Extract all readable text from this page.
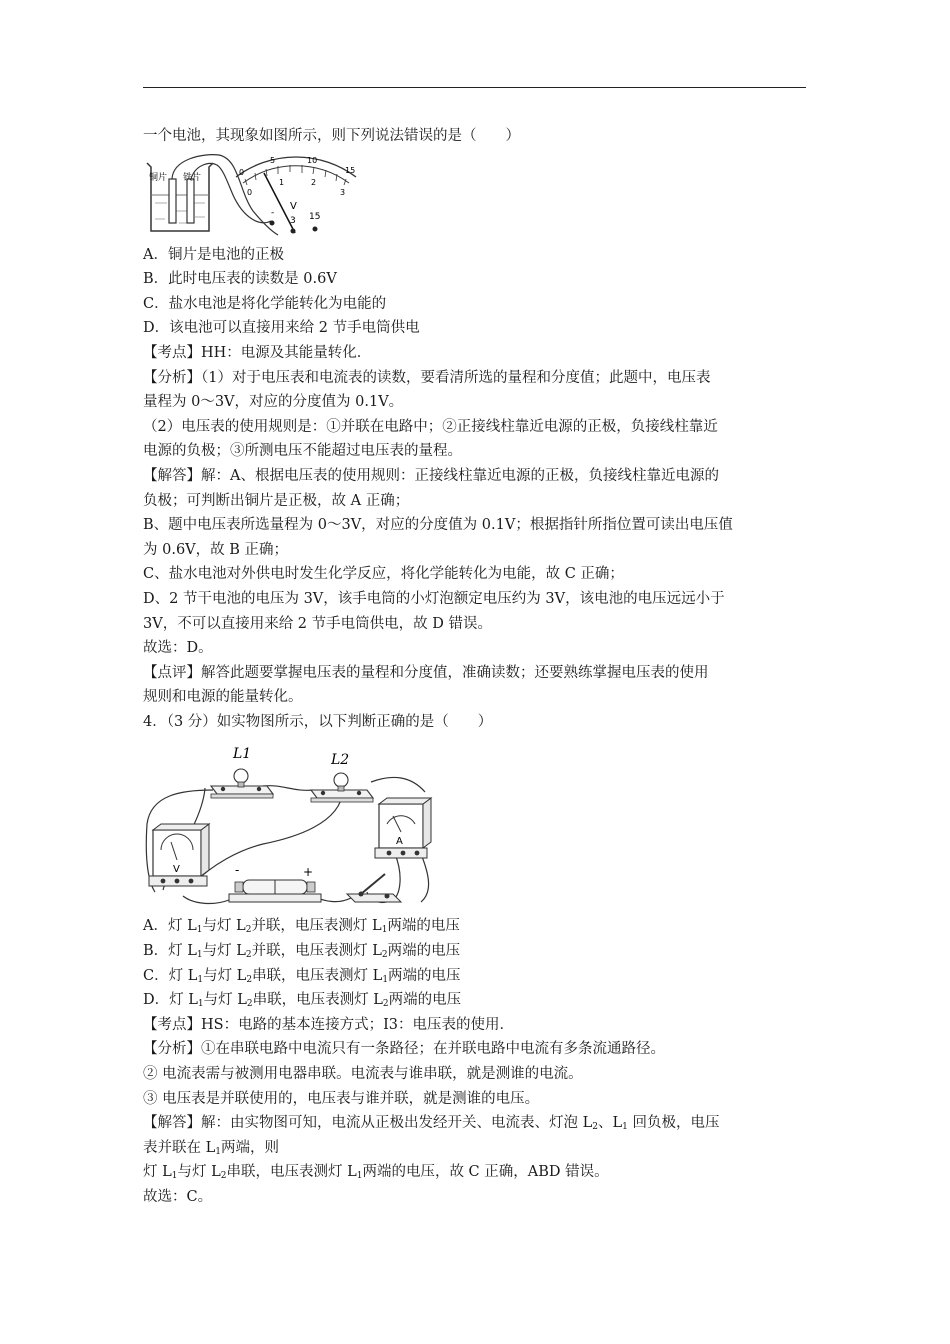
一个电池，其现象如图所示，则下列说法错误的是（　　）
铜片 铁片
0
5	10
15
0
1	2
3
V
-
3 15
A．铜片是电池的正极
B．此时电压表的读数是 0.6V
C．盐水电池是将化学能转化为电能的
D．该电池可以直接用来给 2 节手电筒供电
【考点】HH：电源及其能量转化．
【分析】（1）对于电压表和电流表的读数，要看清所选的量程和分度值；此题中，电压表
量程为 0～3V，对应的分度值为 0.1V。
（2）电压表的使用规则是：①并联在电路中；②正接线柱靠近电源的正极，负接线柱靠近
电源的负极；③所测电压不能超过电压表的量程。
【解答】解：A、根据电压表的使用规则：正接线柱靠近电源的正极，负接线柱靠近电源的
负极；可判断出铜片是正极，故 A 正确；
B、题中电压表所选量程为 0～3V，对应的分度值为 0.1V；根据指针所指位置可读出电压值
为 0.6V，故 B 正确；
C、盐水电池对外供电时发生化学反应，将化学能转化为电能，故 C 正确；
D、2 节干电池的电压为 3V，该手电筒的小灯泡额定电压约为 3V，该电池的电压远远小于
3V，不可以直接用来给 2 节手电筒供电，故 D 错误。
故选：D。
【点评】解答此题要掌握电压表的量程和分度值，准确读数；还要熟练掌握电压表的使用
规则和电源的能量转化。
4．（3 分）如实物图所示，以下判断正确的是（　　）
L1	L2
A
V	-	+
A．灯 $L_1$与灯 $L_2$并联，电压表测灯 $L_1$两端的电压
B．灯 $L_1$与灯 $L_2$并联，电压表测灯 $L_2$两端的电压
C．灯 $L_1$与灯 $L_2$串联，电压表测灯 $L_1$两端的电压
D．灯 $L_1$与灯 $L_2$串联，电压表测灯 $L_2$两端的电压
【考点】HS：电路的基本连接方式；I3：电压表的使用．
【分析】①在串联电路中电流只有一条路径；在并联电路中电流有多条流通路径。
② 电流表需与被测用电器串联。电流表与谁串联，就是测谁的电流。
③ 电压表是并联使用的，电压表与谁并联，就是测谁的电压。
【解答】解：由实物图可知，电流从正极出发经开关、电流表、灯泡 $L_2$、$L_1$ 回负极，电压
表并联在 $L_1$两端，则
灯 $L_1$与灯 $L_2$串联，电压表测灯 $L_1$两端的电压，故 C 正确，ABD 错误。
故选：C。
